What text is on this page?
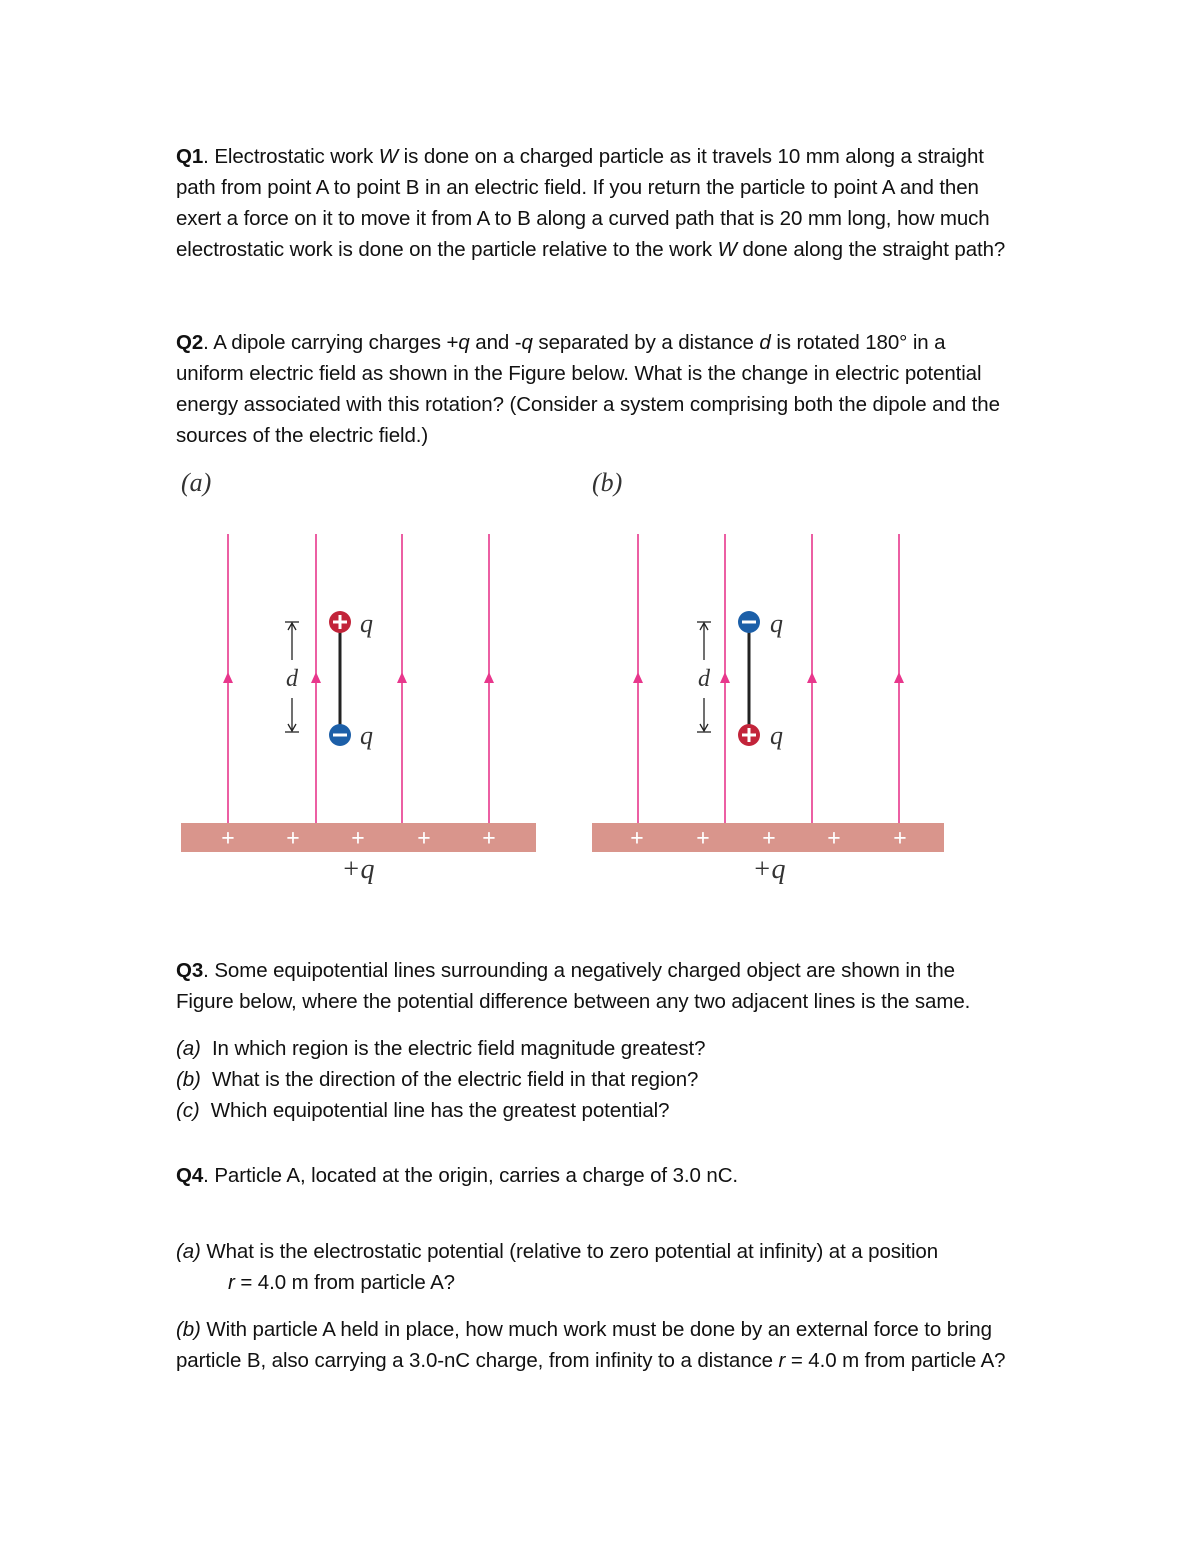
Q1. Electrostatic work W is done on a charged particle as it travels 10 mm along a straight
path from point A to point B in an electric field. If you return the particle to point A and then
exert a force on it to move it from A to B along a curved path that is 20 mm long, how much
electrostatic work is done on the particle relative to the work W done along the straight path?
Q2. A dipole carrying charges +q and -q separated by a distance d is rotated 180° in a
uniform electric field as shown in the Figure below. What is the change in electric potential
energy associated with this rotation? (Consider a system comprising both the dipole and the
sources of the electric field.)
(a)	(b)
d
q
q
+ + + + +
+q
d
q
q
+ + + + +
+q
Q3. Some equipotential lines surrounding a negatively charged object are shown in the
Figure below, where the potential difference between any two adjacent lines is the same.
(a)  In which region is the electric field magnitude greatest?
(b)  What is the direction of the electric field in that region?
(c)  Which equipotential line has the greatest potential?
Q4. Particle A, located at the origin, carries a charge of 3.0 nC.
(a) What is the electrostatic potential (relative to zero potential at infinity) at a position
r = 4.0 m from particle A?
(b) With particle A held in place, how much work must be done by an external force to bring
particle B, also carrying a 3.0-nC charge, from infinity to a distance r = 4.0 m from particle A?
